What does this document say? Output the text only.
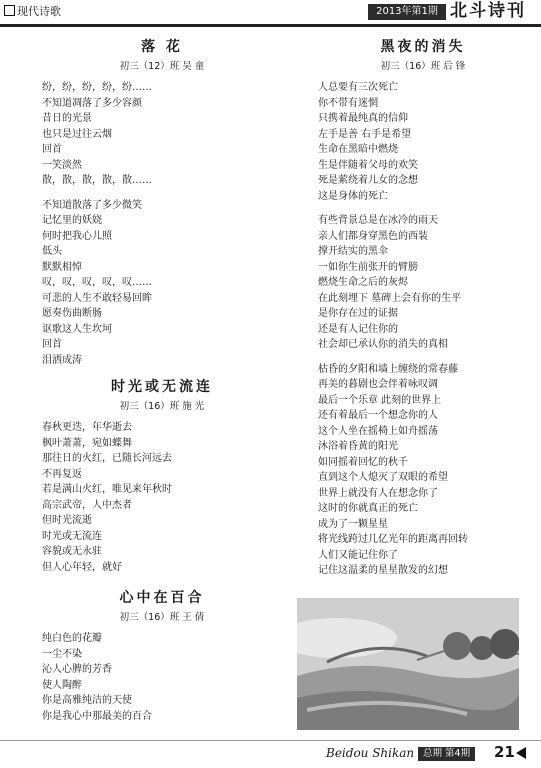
现代诗歌	2013年第1期 北斗诗刊

落 花

初三（12）班 吴 童

纷，纷，纷，纷，纷……
不知道凋落了多少容颜
昔日的光景
也只是过往云烟
回首
一笑淡然
散，散，散，散，散……
不知道散落了多少微笑
记忆里的妖娆
何时把我心儿照
低头
默默相悼
叹，叹，叹，叹，叹……
可悲的人生不敢轻易回眸
愿奏伤曲断肠
讴歌这人生坎坷
回首
泪洒成涛

时光或无流连

初三（16）班 施 光

春秋更迭，年华逝去
枫叶萧萧，宛如蝶舞
那往日的火红，已随长河远去
不再复返
若是满山火红，唯见来年秋时
高宗武帝，人中杰者
但时光流逝
时光或无流连
容貌或无永驻
但人心年轻，就好

心中在百合

初三（16）班 王 倩

纯白色的花瓣
一尘不染
沁人心脾的芳香
使人陶醉
你是高雅纯洁的天使
你是我心中那最美的百合

黑夜的消失

初三（16）班 后 锋

人总要有三次死亡
你不带有迷惘
只携着最纯真的信仰
左手是善 右手是希望
生命在黑暗中燃烧
生是伴随着父母的欢笑
死是萦绕着儿女的念想
这是身体的死亡
有些背景总是在冰冷的雨天
亲人们都身穿黑色的西装
撑开结实的黑伞
一如你生前张开的臂膀
燃烧生命之后的灰烬
在此刻埋下 墓碑上会有你的生平
是你存在过的证据
还是有人记住你的
社会却已承认你的消失的真相
枯昏的夕阳和墙上缠绕的常春藤
再美的暮剧也会伴着咏叹调
最后一个乐章 此刻的世界上
还有着最后一个想念你的人
这个人坐在摇椅上如舟摇荡
沐浴着昏黄的阳光
如同摇着回忆的秋千
直到这个人熄灭了双眼的希望
世界上就没有人在想念你了
这时的你就真正的死亡
成为了一颗星星
将光线跨过几亿光年的距离再回转
人们又能记住你了
记住这温柔的星星散发的幻想
Beidou Shikan 总期 第4期	21
